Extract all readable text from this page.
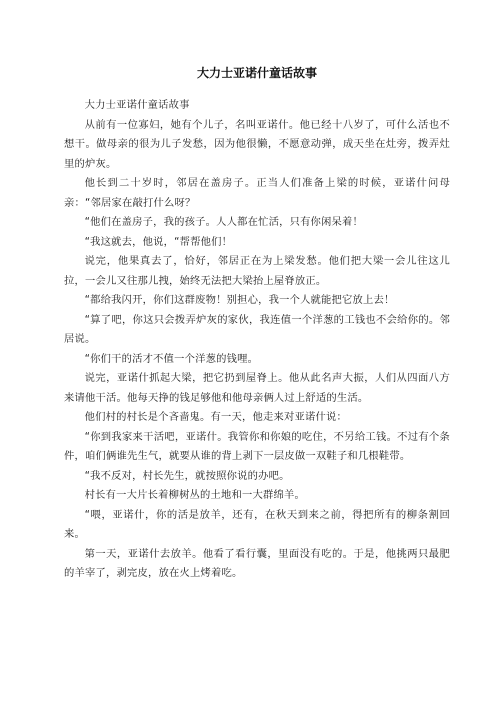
大力士亚诺什童话故事

大力士亚诺什童话故事

从前有一位寡妇，她有个儿子，名叫亚诺什。他已经十八岁了，可什么活也不想干。做母亲的很为儿子发愁，因为他很懒，不愿意动弹，成天坐在灶旁，拨弄灶里的炉灰。

他长到二十岁时，邻居在盖房子。正当人们准备上梁的时候，亚诺什问母亲：“邻居家在敲打什么呀？

“他们在盖房子，我的孩子。人人都在忙活，只有你闲呆着！

“我这就去，他说，“帮帮他们！

说完，他果真去了，恰好，邻居正在为上梁发愁。他们把大梁一会儿往这儿拉，一会儿又往那儿拽，始终无法把大梁抬上屋脊放正。

“都给我闪开，你们这群废物！别担心，我一个人就能把它放上去！

“算了吧，你这只会拨弄炉灰的家伙，我连值一个洋葱的工钱也不会给你的。邻居说。

“你们干的活才不值一个洋葱的钱哩。

说完，亚诺什抓起大梁，把它扔到屋脊上。他从此名声大振，人们从四面八方来请他干活。他每天挣的钱足够他和他母亲俩人过上舒适的生活。

他们村的村长是个吝啬鬼。有一天，他走来对亚诺什说：

“你到我家来干活吧，亚诺什。我管你和你娘的吃住，不另给工钱。不过有个条件，咱们俩谁先生气，就要从谁的背上剥下一层皮做一双鞋子和几根鞋带。

“我不反对，村长先生，就按照你说的办吧。

村长有一大片长着柳树丛的土地和一大群绵羊。

“喂，亚诺什，你的活是放羊，还有，在秋天到来之前，得把所有的柳条割回来。

第一天，亚诺什去放羊。他看了看行囊，里面没有吃的。于是，他挑两只最肥的羊宰了，剥完皮，放在火上烤着吃。
